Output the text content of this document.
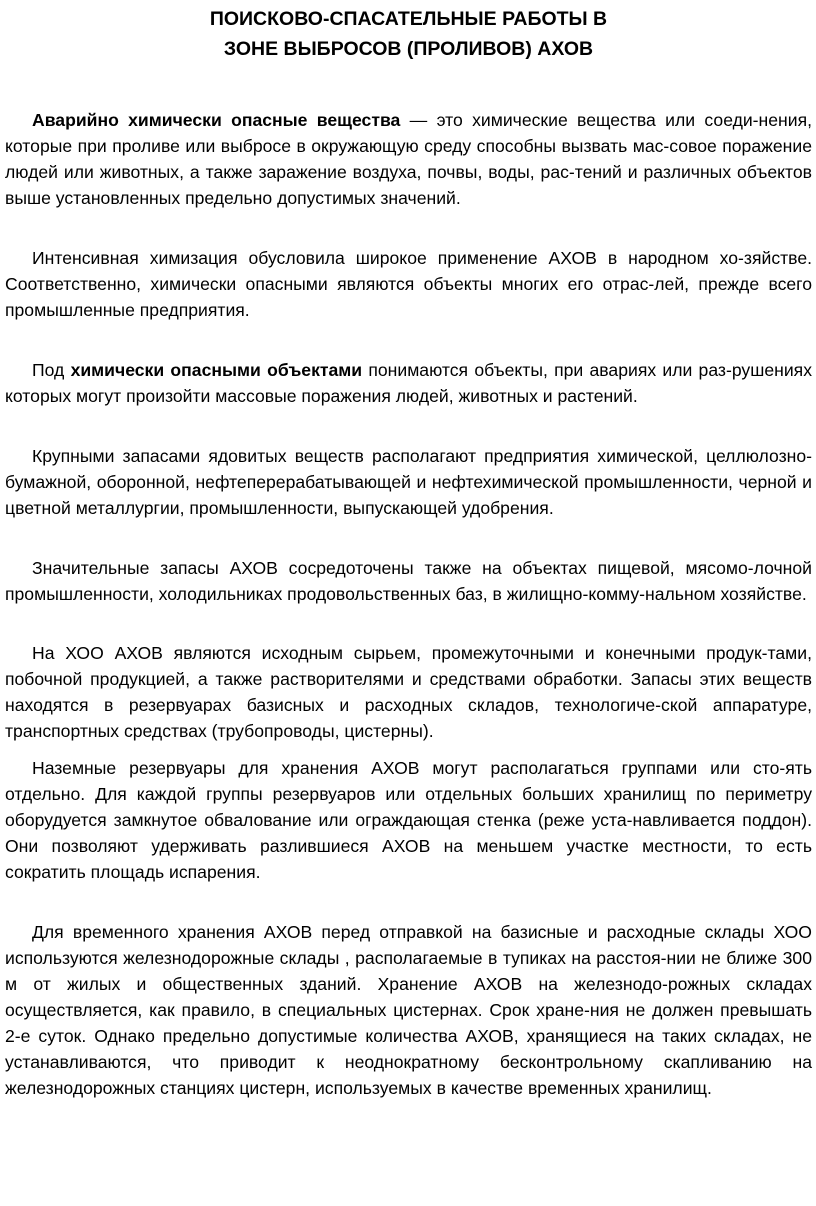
ПОИСКОВО-СПАСАТЕЛЬНЫЕ РАБОТЫ В
ЗОНЕ ВЫБРОСОВ (ПРОЛИВОВ) АХОВ

Аварийно химически опасные вещества — это химические вещества или соеди-нения, которые при проливе или выбросе в окружающую среду способны вызвать мас-совое поражение людей или животных, а также заражение воздуха, почвы, воды, рас-тений и различных объектов выше установленных предельно допустимых значений.

Интенсивная химизация обусловила широкое применение АХОВ в народном хо-зяйстве. Соответственно, химически опасными являются объекты многих его отрас-лей, прежде всего промышленные предприятия.

Под химически опасными объектами понимаются объекты, при авариях или раз-рушениях которых могут произойти массовые поражения людей, животных и растений.

Крупными запасами ядовитых веществ располагают предприятия химической, целлюлозно-бумажной, оборонной, нефтеперерабатывающей и нефтехимической промышленности, черной и цветной металлургии, промышленности, выпускающей удобрения.

Значительные запасы АХОВ сосредоточены также на объектах пищевой, мясомо-лочной промышленности, холодильниках продовольственных баз, в жилищно-комму-нальном хозяйстве.

На ХОО АХОВ являются исходным сырьем, промежуточными и конечными продук-тами, побочной продукцией, а также растворителями и средствами обработки. Запасы этих веществ находятся в резервуарах базисных и расходных складов, технологиче-ской аппаратуре, транспортных средствах (трубопроводы, цистерны).

Наземные резервуары для хранения АХОВ могут располагаться группами или сто-ять отдельно. Для каждой группы резервуаров или отдельных больших хранилищ по периметру оборудуется замкнутое обвалование или ограждающая стенка (реже уста-навливается поддон). Они позволяют удерживать разлившиеся АХОВ на меньшем участке местности, то есть сократить площадь испарения.

Для временного хранения АХОВ перед отправкой на базисные и расходные склады ХОО используются железнодорожные склады , располагаемые в тупиках на расстоя-нии не ближе 300 м от жилых и общественных зданий. Хранение АХОВ на железнодо-рожных складах осуществляется, как правило, в специальных цистернах. Срок хране-ния не должен превышать 2-е суток. Однако предельно допустимые количества АХОВ, хранящиеся на таких складах, не устанавливаются, что приводит к неоднократному бесконтрольному скапливанию на железнодорожных станциях цистерн, используемых в качестве временных хранилищ.
